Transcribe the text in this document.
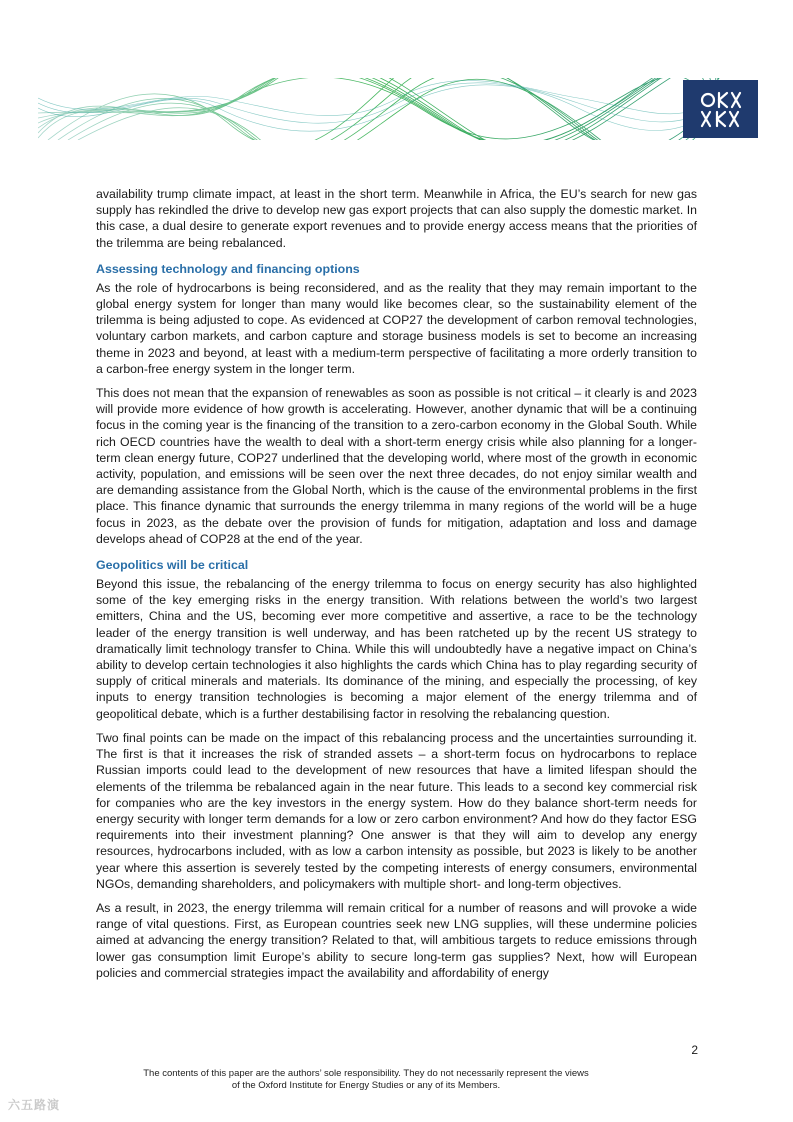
availability trump climate impact, at least in the short term. Meanwhile in Africa, the EU’s search for new gas supply has rekindled the drive to develop new gas export projects that can also supply the domestic market. In this case, a dual desire to generate export revenues and to provide energy access means that the priorities of the trilemma are being rebalanced.

Assessing technology and financing options

As the role of hydrocarbons is being reconsidered, and as the reality that they may remain important to the global energy system for longer than many would like becomes clear, so the sustainability element of the trilemma is being adjusted to cope. As evidenced at COP27 the development of carbon removal technologies, voluntary carbon markets, and carbon capture and storage business models is set to become an increasing theme in 2023 and beyond, at least with a medium-term perspective of facilitating a more orderly transition to a carbon-free energy system in the longer term.

This does not mean that the expansion of renewables as soon as possible is not critical – it clearly is and 2023 will provide more evidence of how growth is accelerating. However, another dynamic that will be a continuing focus in the coming year is the financing of the transition to a zero-carbon economy in the Global South. While rich OECD countries have the wealth to deal with a short-term energy crisis while also planning for a longer-term clean energy future, COP27 underlined that the developing world, where most of the growth in economic activity, population, and emissions will be seen over the next three decades, do not enjoy similar wealth and are demanding assistance from the Global North, which is the cause of the environmental problems in the first place. This finance dynamic that surrounds the energy trilemma in many regions of the world will be a huge focus in 2023, as the debate over the provision of funds for mitigation, adaptation and loss and damage develops ahead of COP28 at the end of the year.

Geopolitics will be critical

Beyond this issue, the rebalancing of the energy trilemma to focus on energy security has also highlighted some of the key emerging risks in the energy transition. With relations between the world’s two largest emitters, China and the US, becoming ever more competitive and assertive, a race to be the technology leader of the energy transition is well underway, and has been ratcheted up by the recent US strategy to dramatically limit technology transfer to China. While this will undoubtedly have a negative impact on China’s ability to develop certain technologies it also highlights the cards which China has to play regarding security of supply of critical minerals and materials. Its dominance of the mining, and especially the processing, of key inputs to energy transition technologies is becoming a major element of the energy trilemma and of geopolitical debate, which is a further destabilising factor in resolving the rebalancing question.

Two final points can be made on the impact of this rebalancing process and the uncertainties surrounding it. The first is that it increases the risk of stranded assets – a short-term focus on hydrocarbons to replace Russian imports could lead to the development of new resources that have a limited lifespan should the elements of the trilemma be rebalanced again in the near future. This leads to a second key commercial risk for companies who are the key investors in the energy system. How do they balance short-term needs for energy security with longer term demands for a low or zero carbon environment? And how do they factor ESG requirements into their investment planning? One answer is that they will aim to develop any energy resources, hydrocarbons included, with as low a carbon intensity as possible, but 2023 is likely to be another year where this assertion is severely tested by the competing interests of energy consumers, environmental NGOs, demanding shareholders, and policymakers with multiple short- and long-term objectives.

As a result, in 2023, the energy trilemma will remain critical for a number of reasons and will provoke a wide range of vital questions. First, as European countries seek new LNG supplies, will these undermine policies aimed at advancing the energy transition? Related to that, will ambitious targets to reduce emissions through lower gas consumption limit Europe’s ability to secure long-term gas supplies? Next, how will European policies and commercial strategies impact the availability and affordability of energy

2
The contents of this paper are the authors’ sole responsibility. They do not necessarily represent the views
of the Oxford Institute for Energy Studies or any of its Members.
六五路演
